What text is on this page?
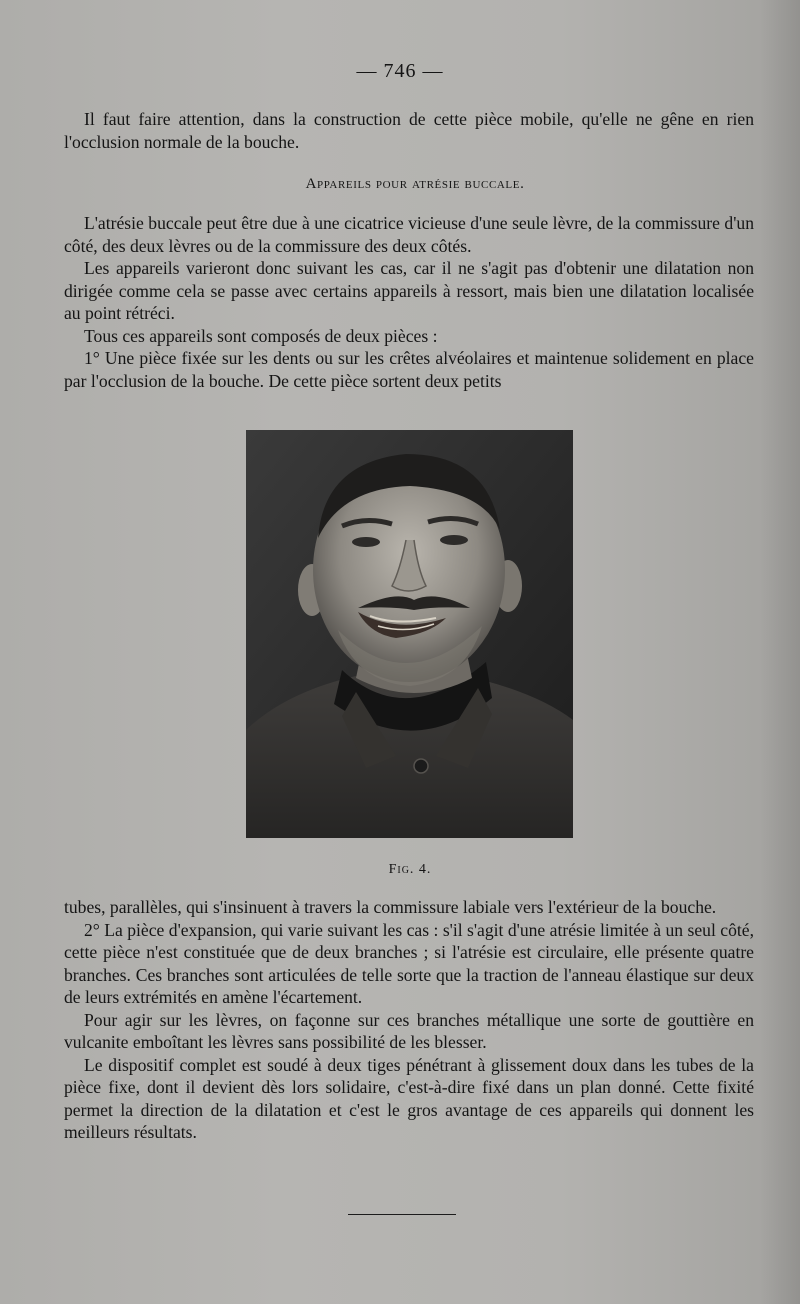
— 746 —

Il faut faire attention, dans la construction de cette pièce mobile, qu'elle ne gêne en rien l'occlusion normale de la bouche.

Appareils pour atrésie buccale.

L'atrésie buccale peut être due à une cicatrice vicieuse d'une seule lèvre, de la commissure d'un côté, des deux lèvres ou de la commissure des deux côtés.

Les appareils varieront donc suivant les cas, car il ne s'agit pas d'obtenir une dilatation non dirigée comme cela se passe avec certains appareils à ressort, mais bien une dilatation localisée au point rétréci.

Tous ces appareils sont composés de deux pièces :

1° Une pièce fixée sur les dents ou sur les crêtes alvéolaires et maintenue solidement en place par l'occlusion de la bouche. De cette pièce sortent deux petits

Fig. 4.

tubes, parallèles, qui s'insinuent à travers la commissure labiale vers l'extérieur de la bouche.

2° La pièce d'expansion, qui varie suivant les cas : s'il s'agit d'une atrésie limitée à un seul côté, cette pièce n'est constituée que de deux branches ; si l'atrésie est circulaire, elle présente quatre branches. Ces branches sont articulées de telle sorte que la traction de l'anneau élastique sur deux de leurs extrémités en amène l'écartement.

Pour agir sur les lèvres, on façonne sur ces branches métallique une sorte de gouttière en vulcanite emboîtant les lèvres sans possibilité de les blesser.

Le dispositif complet est soudé à deux tiges pénétrant à glissement doux dans les tubes de la pièce fixe, dont il devient dès lors solidaire, c'est-à-dire fixé dans un plan donné. Cette fixité permet la direction de la dilatation et c'est le gros avantage de ces appareils qui donnent les meilleurs résultats.
